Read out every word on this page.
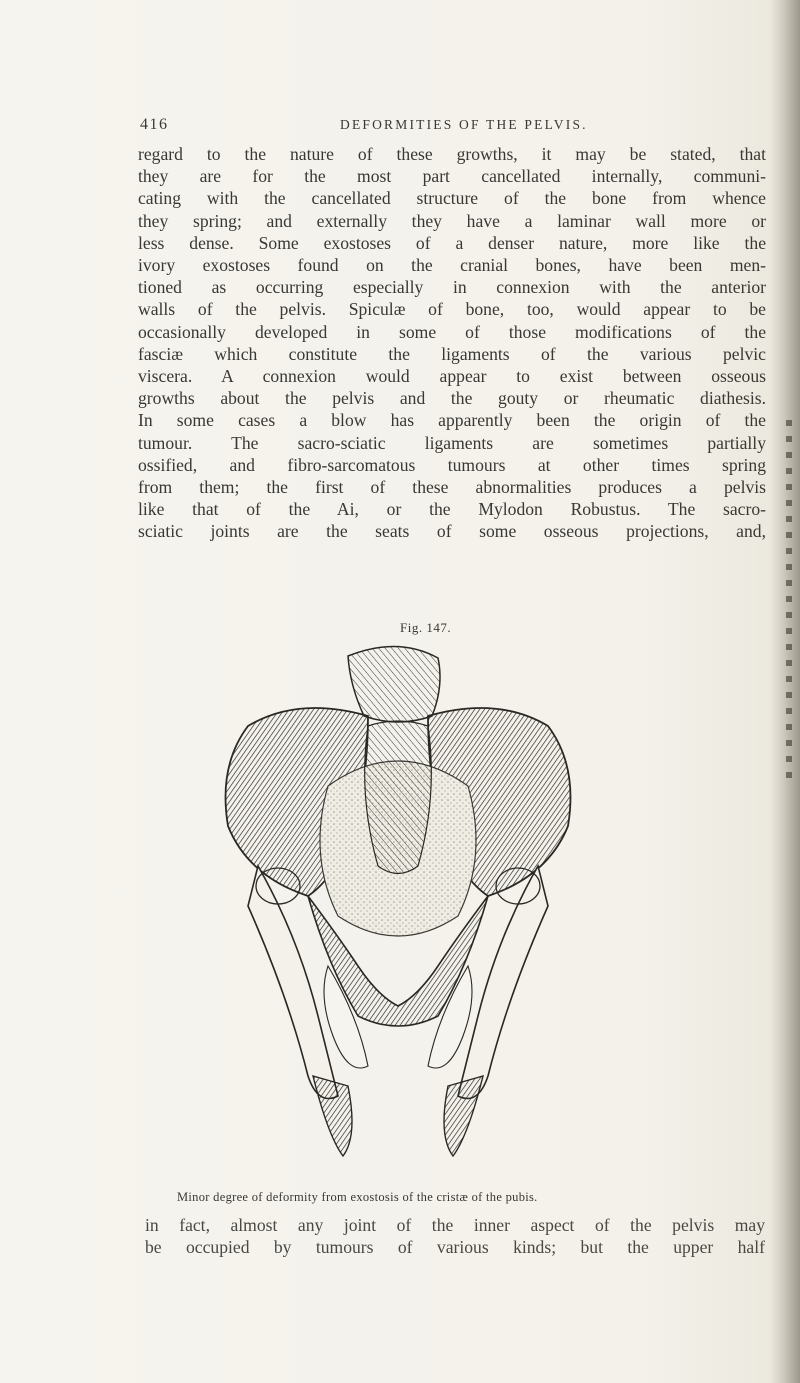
416	DEFORMITIES OF THE PELVIS.
regard to the nature of these growths, it may be stated, that
they are for the most part cancellated internally, communi-
cating with the cancellated structure of the bone from whence
they spring; and externally they have a laminar wall more or
less dense. Some exostoses of a denser nature, more like the
ivory exostoses found on the cranial bones, have been men-
tioned as occurring especially in connexion with the anterior
walls of the pelvis. Spiculæ of bone, too, would appear to be
occasionally developed in some of those modifications of the
fasciæ which constitute the ligaments of the various pelvic
viscera. A connexion would appear to exist between osseous
growths about the pelvis and the gouty or rheumatic diathesis.
In some cases a blow has apparently been the origin of the
tumour. The sacro-sciatic ligaments are sometimes partially
ossified, and fibro-sarcomatous tumours at other times spring
from them; the first of these abnormalities produces a pelvis
like that of the Ai, or the Mylodon Robustus. The sacro-
sciatic joints are the seats of some osseous projections, and,
Fig. 147.
Minor degree of deformity from exostosis of the cristæ of the pubis.
in fact, almost any joint of the inner aspect of the pelvis may
be occupied by tumours of various kinds; but the upper half
